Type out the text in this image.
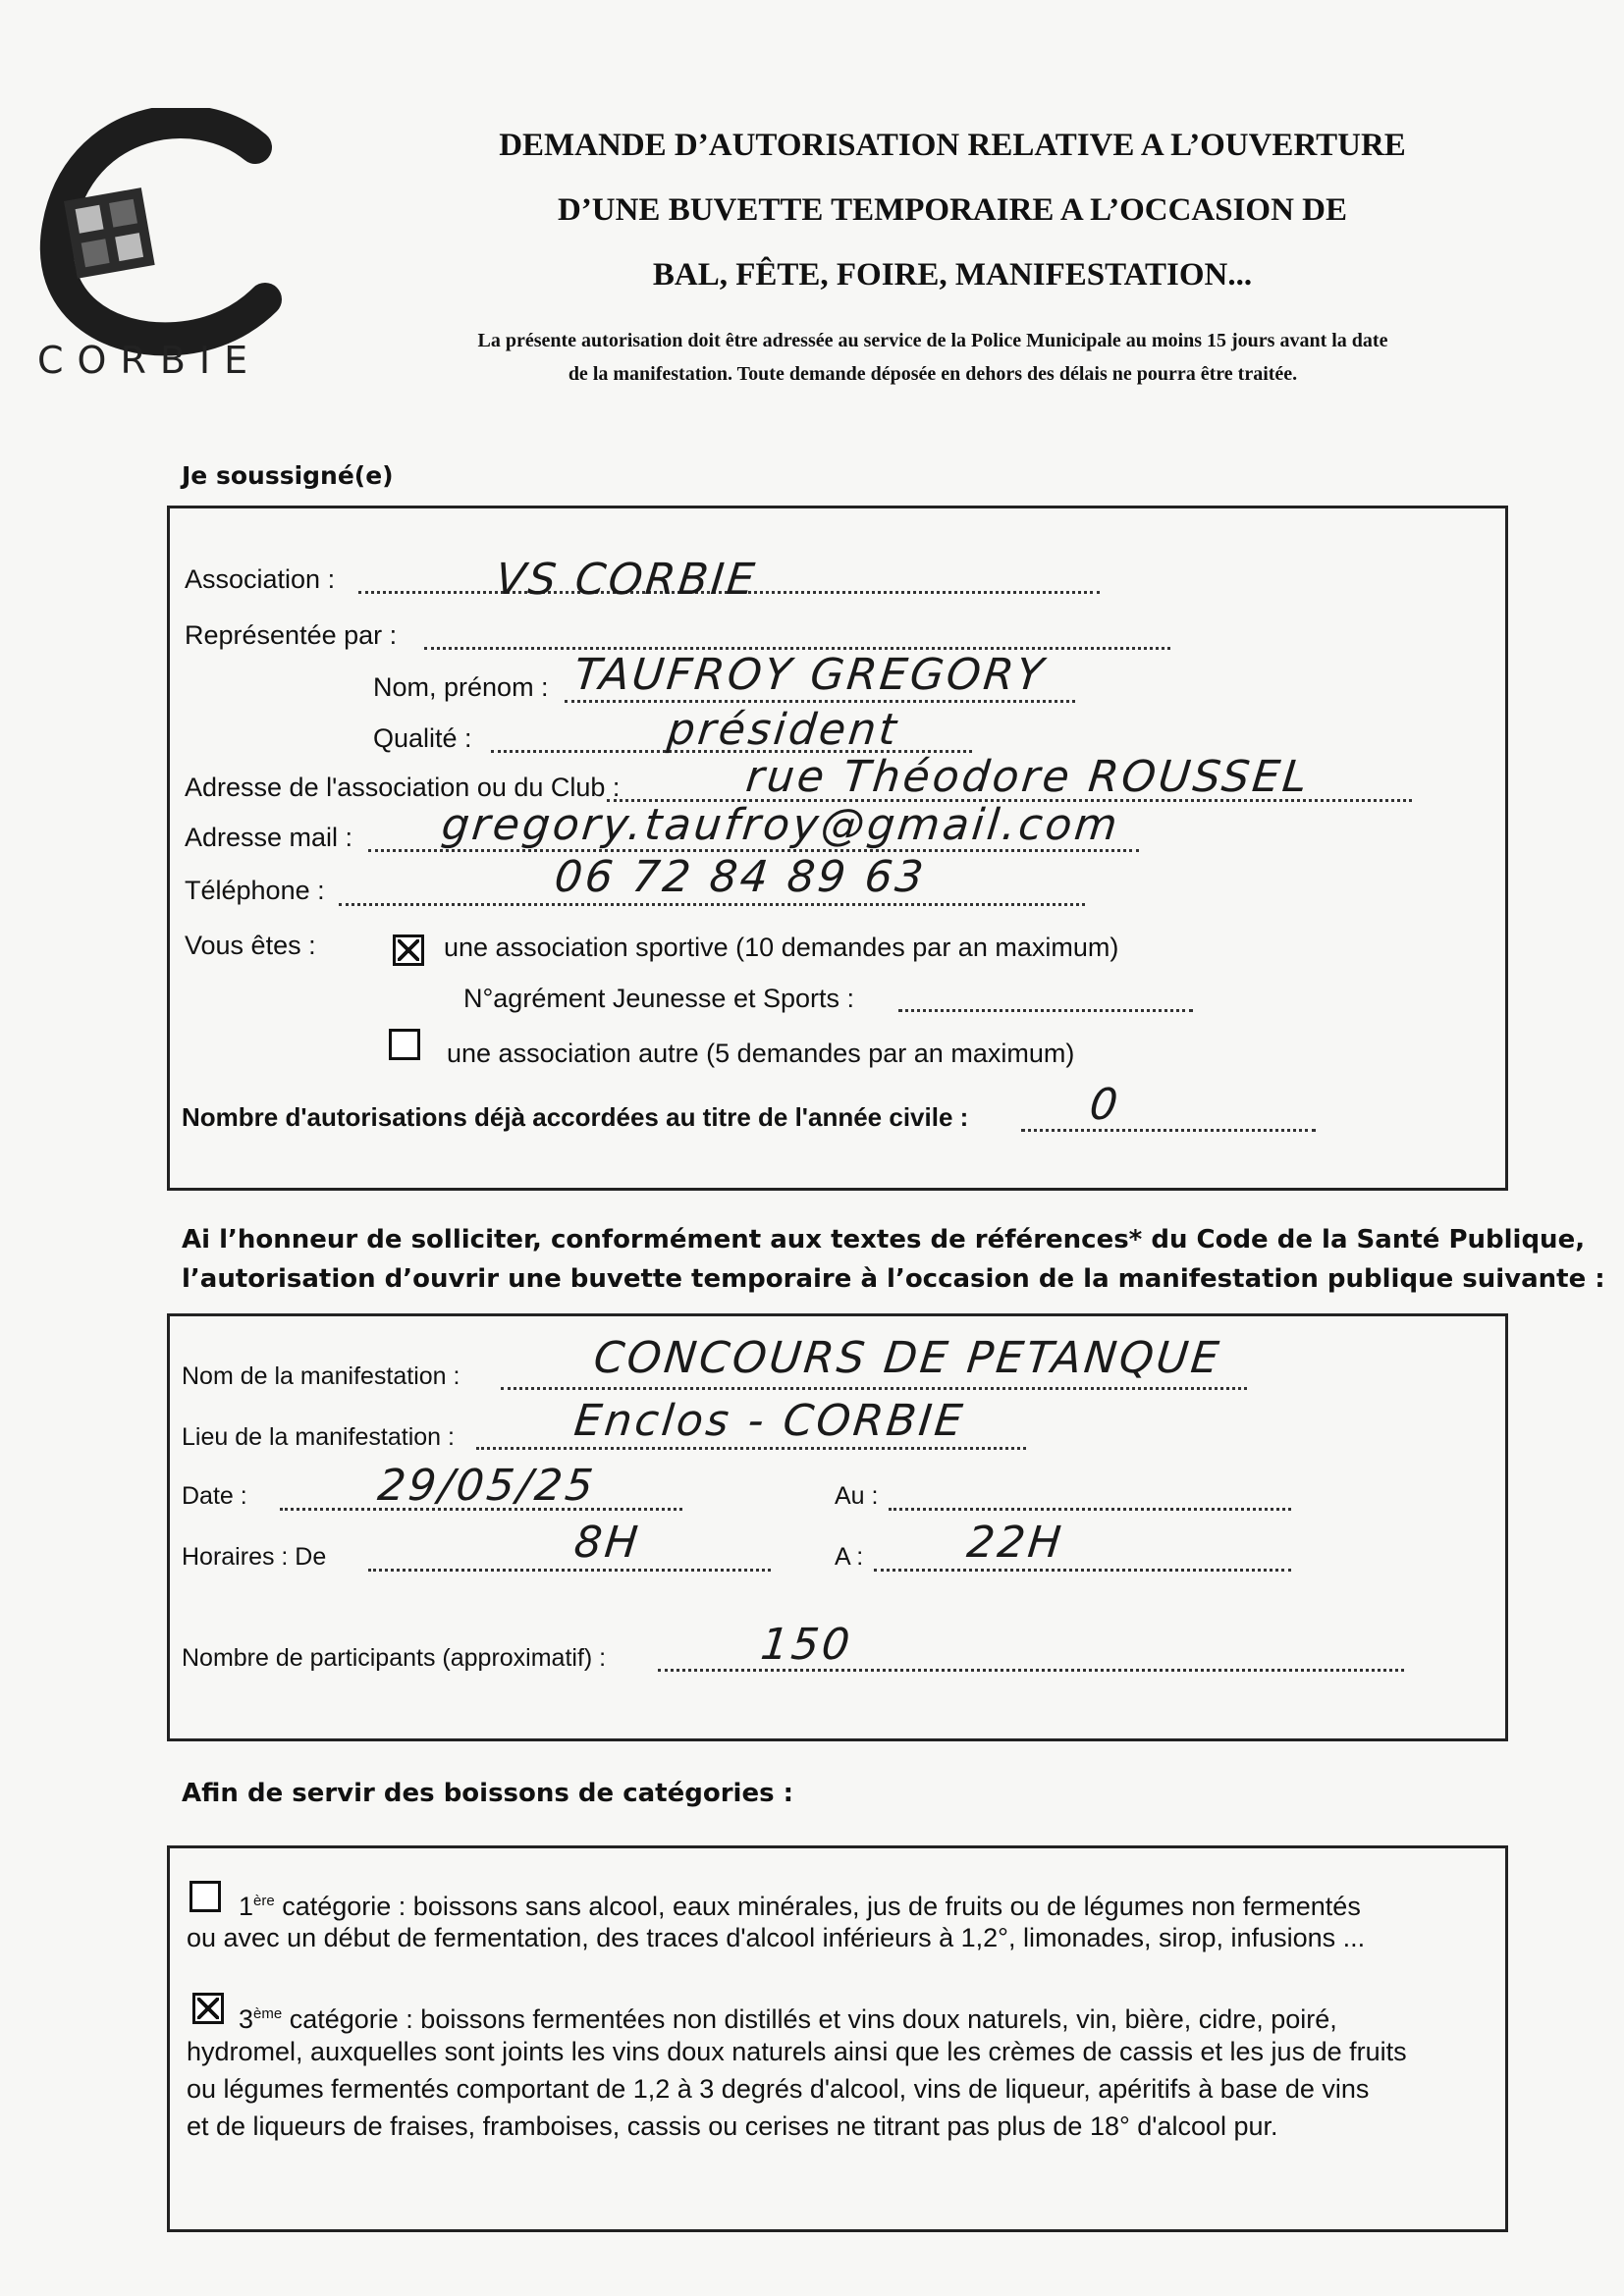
CORBIE
DEMANDE D’AUTORISATION RELATIVE A L’OUVERTURE
D’UNE BUVETTE TEMPORAIRE A L’OCCASION DE
BAL, FÊTE, FOIRE, MANIFESTATION...
La présente autorisation doit être adressée au service de la Police Municipale au moins 15 jours avant la date
de la manifestation. Toute demande déposée en dehors des délais ne pourra être traitée.
Je soussigné(e)
Association :	VS CORBIE
Représentée par :
Nom, prénom : TAUFROY GREGORY
Qualité :	président
Adresse de l'association ou du Club :	rue Théodore ROUSSEL
Adresse mail : gregory.taufroy@gmail.com
Téléphone :	06 72 84 89 63
Vous êtes :	une association sportive (10 demandes par an maximum)
N°agrément Jeunesse et Sports :
une association autre (5 demandes par an maximum)
Nombre d'autorisations déjà accordées au titre de l'année civile :	0
Ai l’honneur de solliciter, conformément aux textes de références* du Code de la Santé Publique,
l’autorisation d’ouvrir une buvette temporaire à l’occasion de la manifestation publique suivante :
Nom de la manifestation :	CONCOURS DE PETANQUE
Lieu de la manifestation :	Enclos - CORBIE
Date :	29/05/25	Au :
Horaires : De	8H	A : 22H
Nombre de participants (approximatif) :	150
Afin de servir des boissons de catégories :
1ère catégorie : boissons sans alcool, eaux minérales, jus de fruits ou de légumes non fermentés
ou avec un début de fermentation, des traces d'alcool inférieurs à 1,2°, limonades, sirop, infusions ...
3ème catégorie : boissons fermentées non distillés et vins doux naturels, vin, bière, cidre, poiré,
hydromel, auxquelles sont joints les vins doux naturels ainsi que les crèmes de cassis et les jus de fruits
ou légumes fermentés comportant de 1,2 à 3 degrés d'alcool, vins de liqueur, apéritifs à base de vins
et de liqueurs de fraises, framboises, cassis ou cerises ne titrant pas plus de 18° d'alcool pur.
